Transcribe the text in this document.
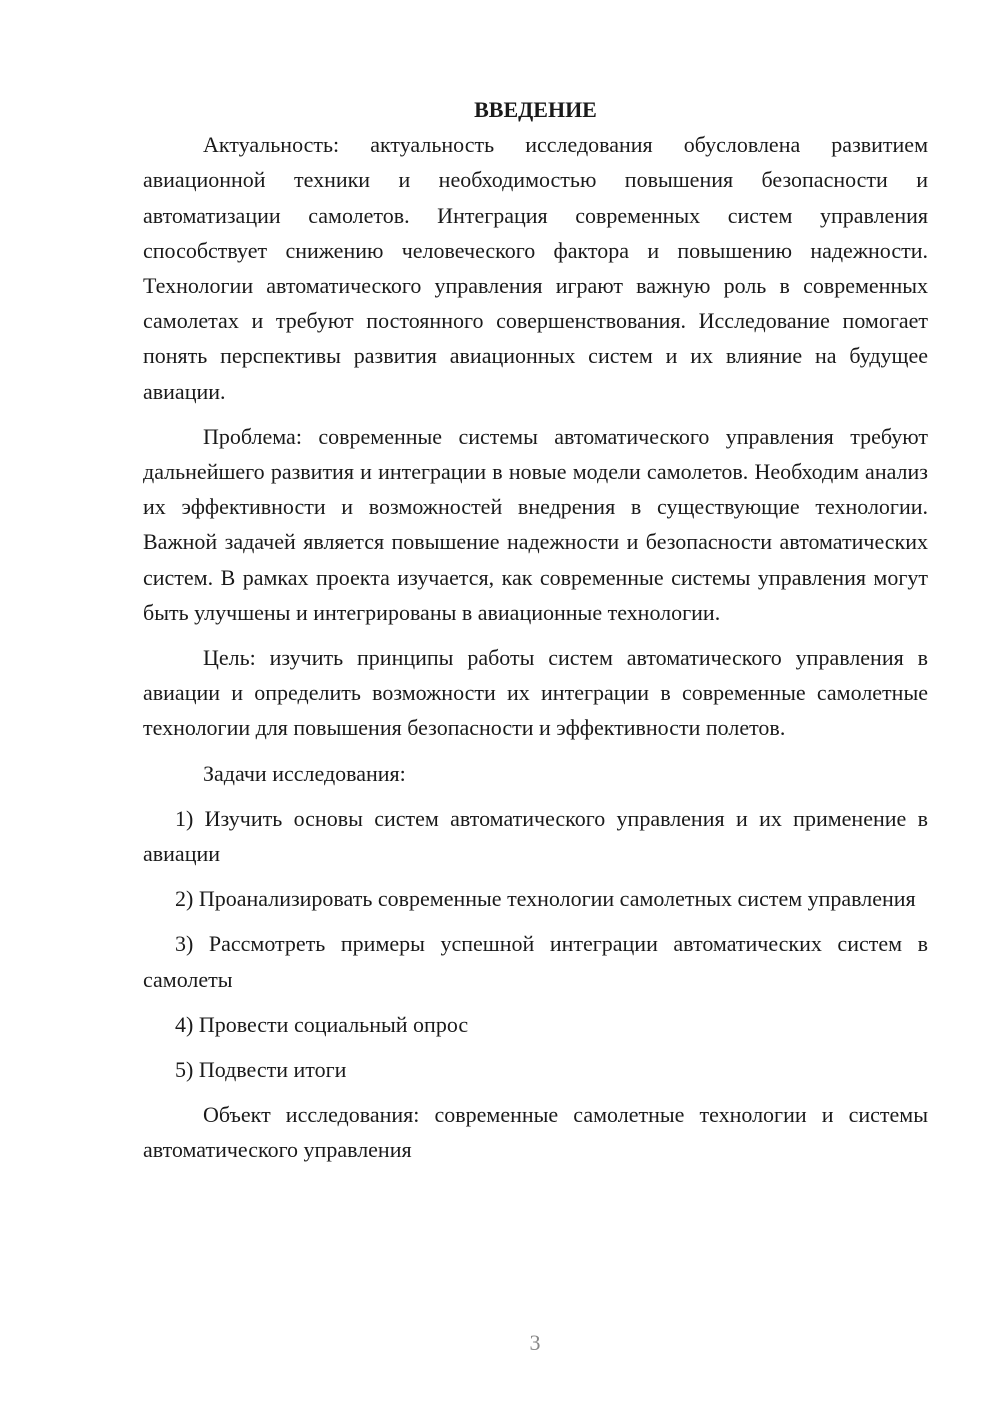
ВВЕДЕНИЕ

Актуальность: актуальность исследования обусловлена развитием авиационной техники и необходимостью повышения безопасности и автоматизации самолетов. Интеграция современных систем управления способствует снижению человеческого фактора и повышению надежности. Технологии автоматического управления играют важную роль в современных самолетах и требуют постоянного совершенствования. Исследование помогает понять перспективы развития авиационных систем и их влияние на будущее авиации.

Проблема: современные системы автоматического управления требуют дальнейшего развития и интеграции в новые модели самолетов. Необходим анализ их эффективности и возможностей внедрения в существующие технологии. Важной задачей является повышение надежности и безопасности автоматических систем. В рамках проекта изучается, как современные системы управления могут быть улучшены и интегрированы в авиационные технологии.

Цель: изучить принципы работы систем автоматического управления в авиации и определить возможности их интеграции в современные самолетные технологии для повышения безопасности и эффективности полетов.

Задачи исследования:

1) Изучить основы систем автоматического управления и их применение в авиации

2) Проанализировать современные технологии самолетных систем управления

3) Рассмотреть примеры успешной интеграции автоматических систем в самолеты

4) Провести социальный опрос

5) Подвести итоги

Объект исследования: современные самолетные технологии и системы автоматического управления

3
